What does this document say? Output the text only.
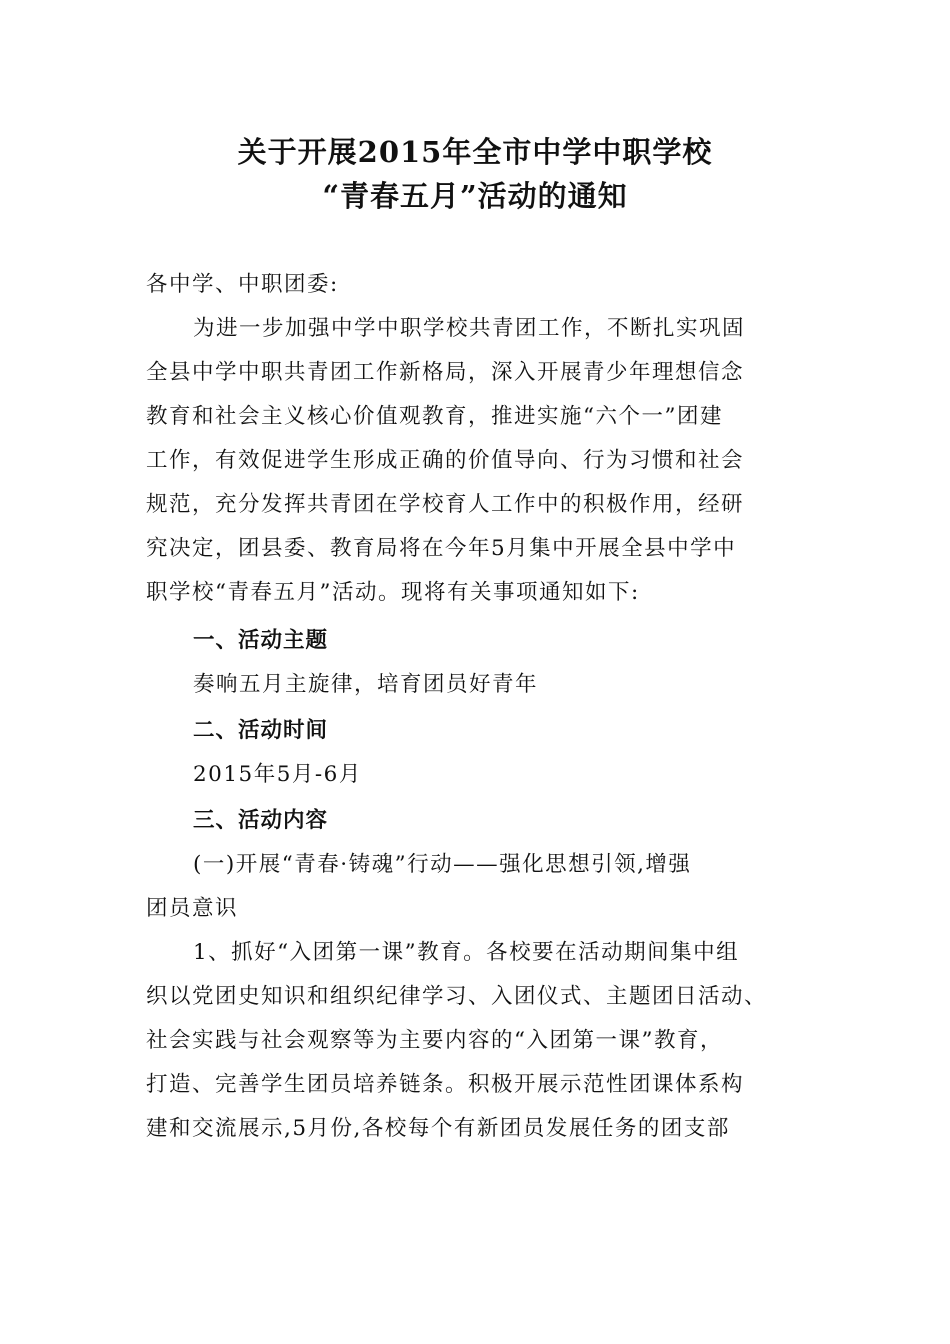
关于开展2015年全市中学中职学校
“青春五月”活动的通知
各中学、中职团委:
为进一步加强中学中职学校共青团工作，不断扎实巩固
全县中学中职共青团工作新格局，深入开展青少年理想信念
教育和社会主义核心价值观教育，推进实施“六个一”团建
工作，有效促进学生形成正确的价值导向、行为习惯和社会
规范，充分发挥共青团在学校育人工作中的积极作用，经研
究决定，团县委、教育局将在今年5月集中开展全县中学中
职学校“青春五月”活动。现将有关事项通知如下:
一、活动主题
奏响五月主旋律，培育团员好青年
二、活动时间
2015年5月-6月
三、活动内容
(一)开展“青春·铸魂”行动——强化思想引领,增强
团员意识
1、抓好“入团第一课”教育。各校要在活动期间集中组
织以党团史知识和组织纪律学习、入团仪式、主题团日活动、
社会实践与社会观察等为主要内容的“入团第一课”教育，
打造、完善学生团员培养链条。积极开展示范性团课体系构
建和交流展示,5月份,各校每个有新团员发展任务的团支部
